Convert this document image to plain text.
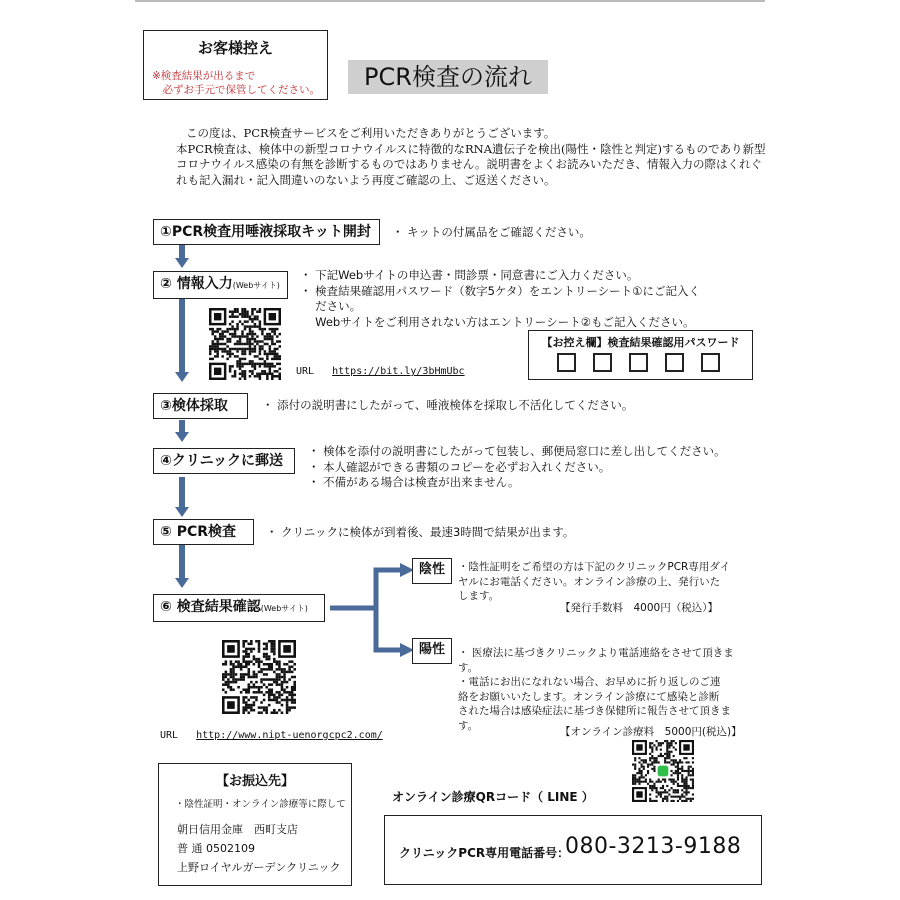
お客様控え
※検査結果が出るまで
　必ずお手元で保管してください。	PCR検査の流れ

この度は、PCR検査サービスをご利用いただきありがとうございます。

本PCR検査は、検体中の新型コロナウイルスに特徴的なRNA遺伝子を検出(陽性・陰性と判定)するものであり新型コロナウイルス感染の有無を診断するものではありません。説明書をよくお読みいただき、情報入力の際はくれぐれも記入漏れ・記入間違いのないよう再度ご確認の上、ご返送ください。

①PCR検査用唾液採取キット開封	・ キットの付属品をご確認ください。
② 情報入力(Webサイト)
・ 下記Webサイトの申込書・問診票・同意書にご入力ください。
・ 検査結果確認用パスワード（数字5ケタ）をエントリーシート①にご記入く
　 ださい。
　 Webサイトをご利用されない方はエントリーシート②もご記入ください。
URL https://bit.ly/3bHmUbc
【お控え欄】検査結果確認用パスワード
③検体採取	・ 添付の説明書にしたがって、唾液検体を採取し不活化してください。
④クリニックに郵送
・ 検体を添付の説明書にしたがって包装し、郵便局窓口に差し出してください。
・ 本人確認ができる書類のコピーを必ずお入れください。
・ 不備がある場合は検査が出来ません。
⑤ PCR検査	・ クリニックに検体が到着後、最速3時間で結果が出ます。
⑥ 検査結果確認(Webサイト)
陰性	・陰性証明をご希望の方は下記のクリニックPCR専用ダイ
ヤルにお電話ください。オンライン診療の上、発行いた
します。
【発行手数料　4000円（税込）】
陽性	・ 医療法に基づきクリニックより電話連絡をさせて頂きます。
・電話にお出になれない場合、お早めに折り返しのご連
絡をお願いいたします。オンライン診療にて感染と診断
された場合は感染症法に基づき保健所に報告させて頂きま
す。
【オンライン診療料　5000円(税込)】
URL http://www.nipt-uenorgcpc2.com/
オンライン診療QRコード（ LINE ）
【お振込先】
・陰性証明・オンライン診療等に際して
朝日信用金庫　西町支店
普 通 0502109
上野ロイヤルガーデンクリニック
クリニックPCR専用電話番号：
080-3213-9188
